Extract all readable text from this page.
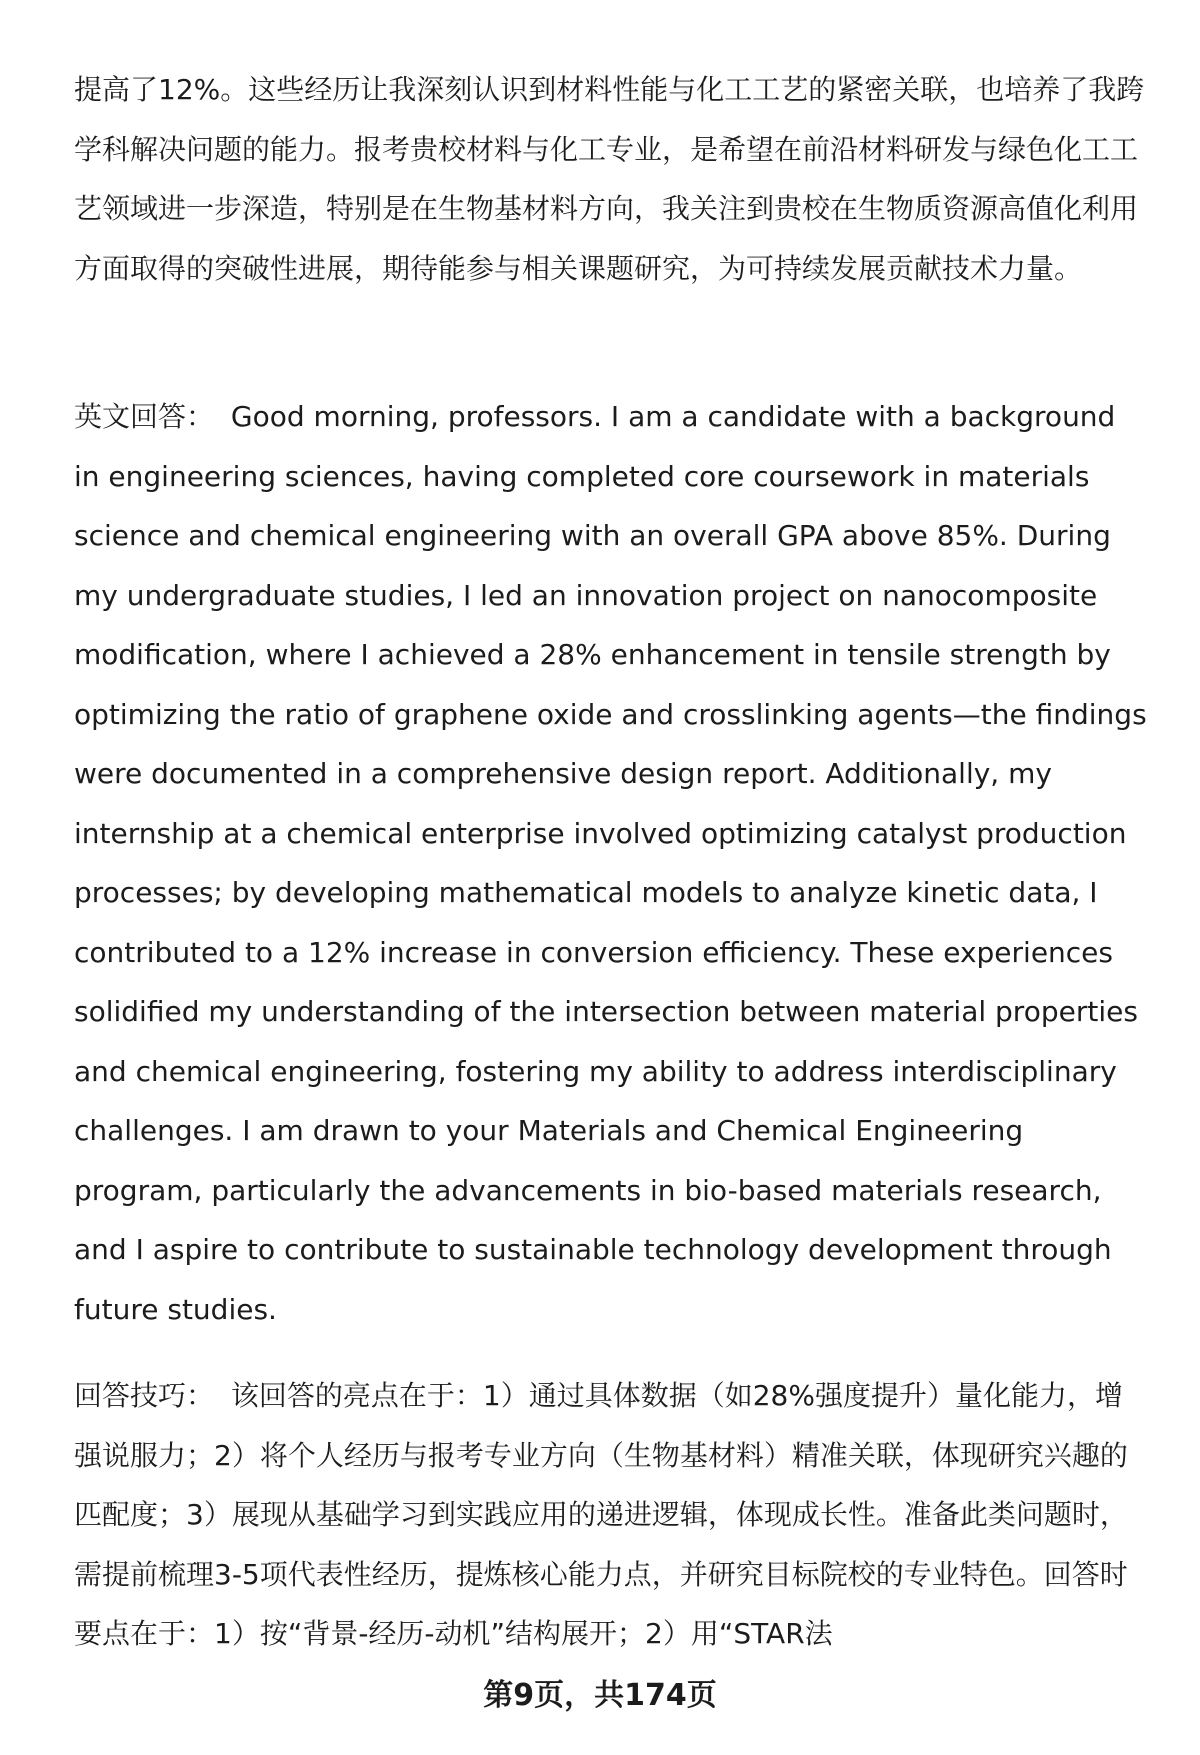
提高了12%。这些经历让我深刻认识到材料性能与化工工艺的紧密关联，也培养了我跨学科解决问题的能力。报考贵校材料与化工专业，是希望在前沿材料研发与绿色化工工艺领域进一步深造，特别是在生物基材料方向，我关注到贵校在生物质资源高值化利用方面取得的突破性进展，期待能参与相关课题研究，为可持续发展贡献技术力量。
英文回答： Good morning, professors. I am a candidate with a background in engineering sciences, having completed core coursework in materials science and chemical engineering with an overall GPA above 85%. During my undergraduate studies, I led an innovation project on nanocomposite modification, where I achieved a 28% enhancement in tensile strength by optimizing the ratio of graphene oxide and crosslinking agents—the findings were documented in a comprehensive design report. Additionally, my internship at a chemical enterprise involved optimizing catalyst production processes; by developing mathematical models to analyze kinetic data, I contributed to a 12% increase in conversion efficiency. These experiences solidified my understanding of the intersection between material properties and chemical engineering, fostering my ability to address interdisciplinary challenges. I am drawn to your Materials and Chemical Engineering program, particularly the advancements in bio-based materials research, and I aspire to contribute to sustainable technology development through future studies.
回答技巧： 该回答的亮点在于：1）通过具体数据（如28%强度提升）量化能力，增强说服力；2）将个人经历与报考专业方向（生物基材料）精准关联，体现研究兴趣的匹配度；3）展现从基础学习到实践应用的递进逻辑，体现成长性。准备此类问题时，需提前梳理3-5项代表性经历，提炼核心能力点，并研究目标院校的专业特色。回答时要点在于：1）按“背景-经历-动机”结构展开；2）用“STAR法
第9页，共174页
